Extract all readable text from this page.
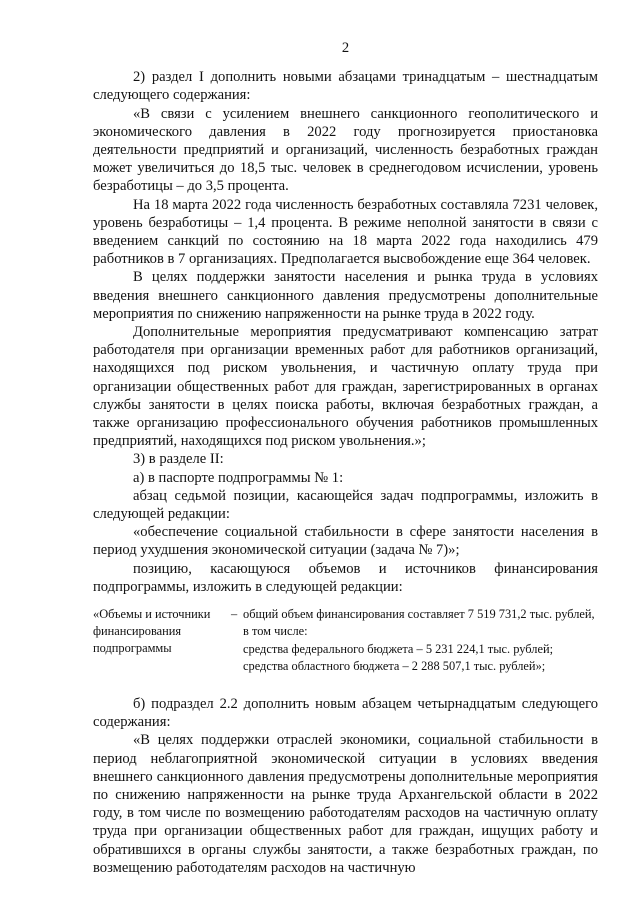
2

2) раздел I дополнить новыми абзацами тринадцатым – шестнадцатым следующего содержания:

«В связи с усилением внешнего санкционного геополитического и экономического давления в 2022 году прогнозируется приостановка деятельности предприятий и организаций, численность безработных граждан может увеличиться до 18,5 тыс. человек в среднегодовом исчислении, уровень безработицы – до 3,5 процента.

На 18 марта 2022 года численность безработных составляла 7231 человек, уровень безработицы – 1,4 процента. В режиме неполной занятости в связи с введением санкций по состоянию на 18 марта 2022 года находились 479 работников в 7 организациях. Предполагается высвобождение еще 364 человек.

В целях поддержки занятости населения и рынка труда в условиях введения внешнего санкционного давления предусмотрены дополнительные мероприятия по снижению напряженности на рынке труда в 2022 году.

Дополнительные мероприятия предусматривают компенсацию затрат работодателя при организации временных работ для работников организаций, находящихся под риском увольнения, и частичную оплату труда при организации общественных работ для граждан, зарегистрированных в органах службы занятости в целях поиска работы, включая безработных граждан, а также организацию профессионального обучения работников промышленных предприятий, находящихся под риском увольнения.»;

3) в разделе II:

а) в паспорте подпрограммы № 1:

абзац седьмой позиции, касающейся задач подпрограммы, изложить в следующей редакции:

«обеспечение социальной стабильности в сфере занятости населения в период ухудшения экономической ситуации (задача № 7)»;

позицию, касающуюся объемов и источников финансирования подпрограммы, изложить в следующей редакции:

«Объемы и источники финансирования подпрограммы
– общий объем финансирования составляет 7 519 731,2 тыс. рублей, в том числе:
средства федерального бюджета – 5 231 224,1 тыс. рублей;
средства областного бюджета – 2 288 507,1 тыс. рублей»;

б) подраздел 2.2 дополнить новым абзацем четырнадцатым следующего содержания:

«В целях поддержки отраслей экономики, социальной стабильности в период неблагоприятной экономической ситуации в условиях введения внешнего санкционного давления предусмотрены дополнительные мероприятия по снижению напряженности на рынке труда Архангельской области в 2022 году, в том числе по возмещению работодателям расходов на частичную оплату труда при организации общественных работ для граждан, ищущих работу и обратившихся в органы службы занятости, а также безработных граждан, по возмещению работодателям расходов на частичную
